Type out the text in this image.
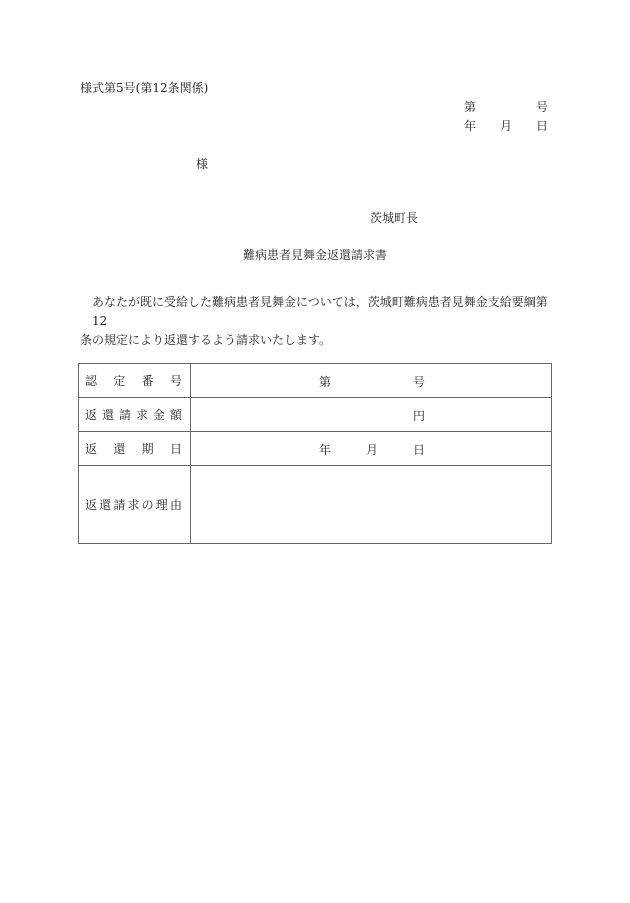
様式第5号(第12条関係)
第	号
年 月 日
様
茨城町長
難病患者見舞金返還請求書

あなたが既に受給した難病患者見舞金については，茨城町難病患者見舞金支給要綱第12

条の規定により返還するよう請求いたします。

認 定 番 号	第 号

返 還 請 求 金 額	円

返 還 期 日	年 月 日

返 還 請 求 の 理 由
